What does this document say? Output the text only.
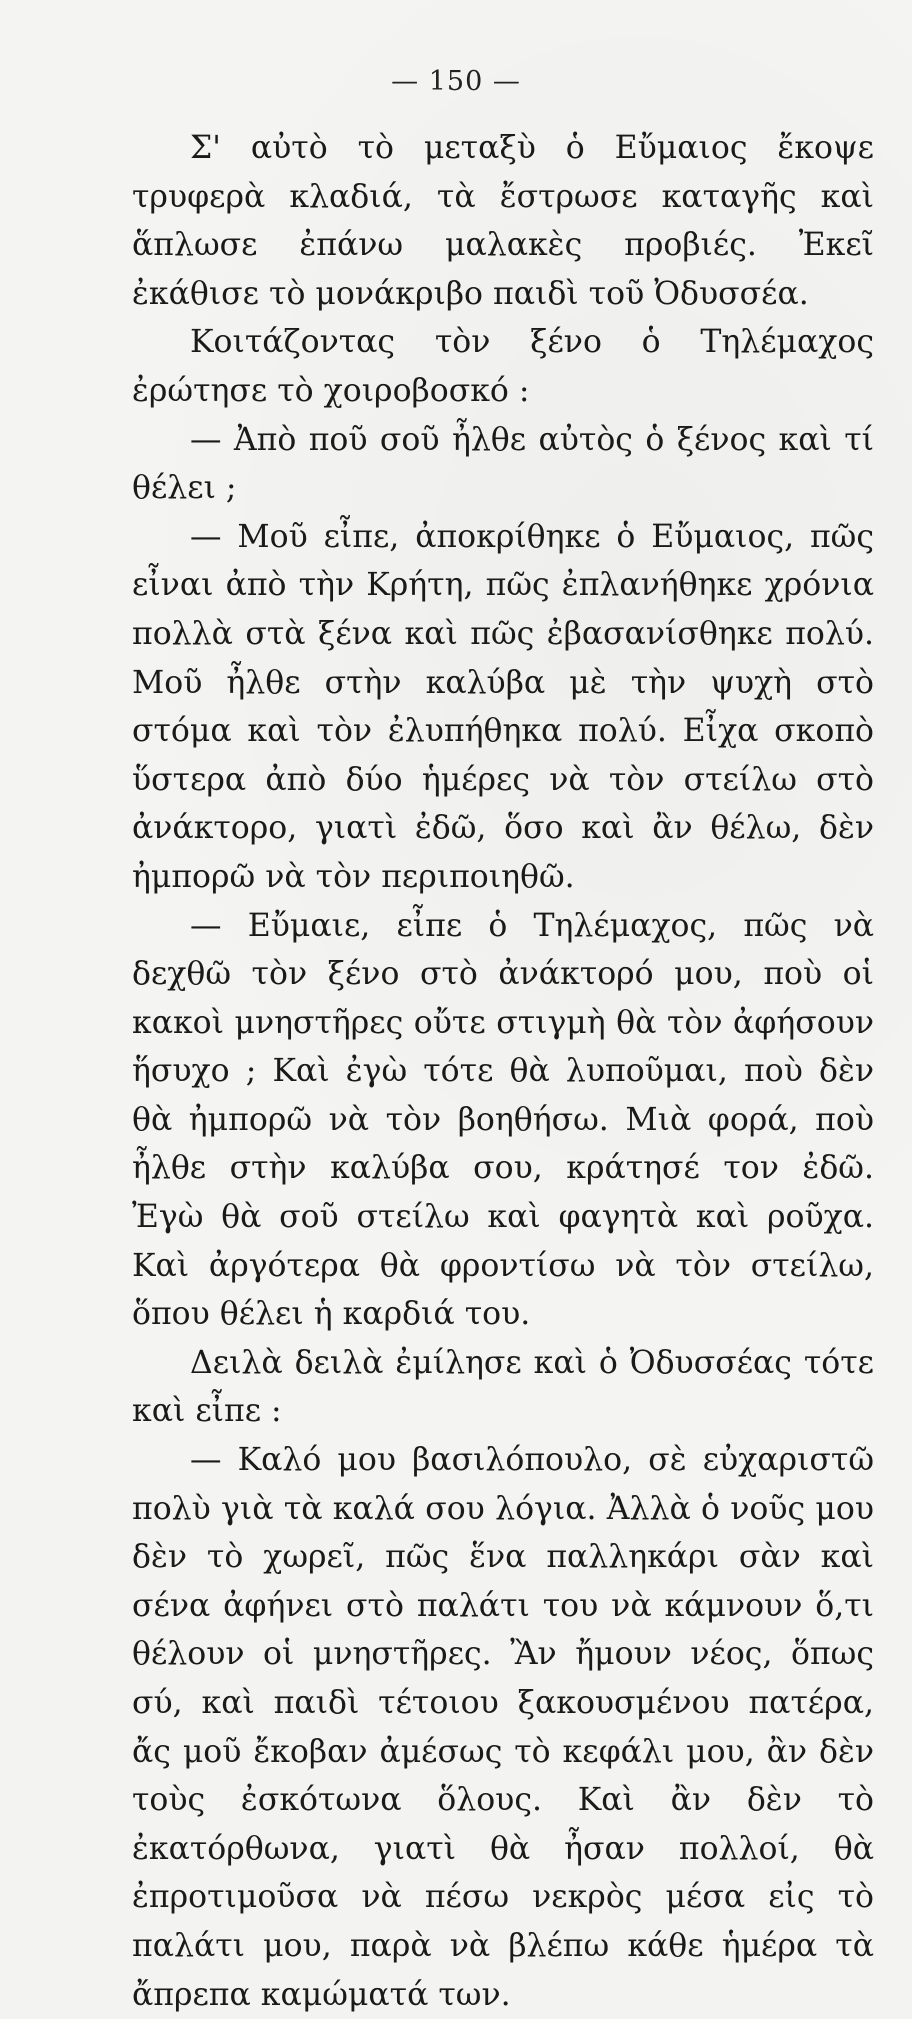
— 150 —

Σ' αὐτὸ τὸ μεταξὺ ὁ Εὔμαιος ἔκοψε τρυφερὰ κλαδιά, τὰ ἔστρωσε καταγῆς καὶ ἅπλωσε ἐπάνω μαλακὲς προβιές. Ἐκεῖ ἐκάθισε τὸ μονάκριβο παιδὶ τοῦ Ὀδυσσέα.

Κοιτάζοντας τὸν ξένο ὁ Τηλέμαχος ἐρώτησε τὸ χοιροβοσκό :

— Ἀπὸ ποῦ σοῦ ἦλθε αὐτὸς ὁ ξένος καὶ τί θέλει ;

— Μοῦ εἶπε, ἀποκρίθηκε ὁ Εὔμαιος, πῶς εἶναι ἀπὸ τὴν Κρήτη, πῶς ἐπλανήθηκε χρόνια πολλὰ στὰ ξένα καὶ πῶς ἐβασανίσθηκε πολύ. Μοῦ ἦλθε στὴν καλύβα μὲ τὴν ψυχὴ στὸ στόμα καὶ τὸν ἐλυπήθηκα πολύ. Εἶχα σκοπὸ ὕστερα ἀπὸ δύο ἡμέρες νὰ τὸν στείλω στὸ ἀνάκτορο, γιατὶ ἐδῶ, ὅσο καὶ ἂν θέλω, δὲν ἠμπορῶ νὰ τὸν περιποιηθῶ.

— Εὔμαιε, εἶπε ὁ Τηλέμαχος, πῶς νὰ δεχθῶ τὸν ξένο στὸ ἀνάκτορό μου, ποὺ οἱ κακοὶ μνηστῆρες οὔτε στιγμὴ θὰ τὸν ἀφήσουν ἥσυχο ; Καὶ ἐγὼ τότε θὰ λυποῦμαι, ποὺ δὲν θὰ ἠμπορῶ νὰ τὸν βοηθήσω. Μιὰ φορά, ποὺ ἦλθε στὴν καλύβα σου, κράτησέ τον ἐδῶ. Ἐγὼ θὰ σοῦ στείλω καὶ φαγητὰ καὶ ροῦχα. Καὶ ἀργότερα θὰ φροντίσω νὰ τὸν στείλω, ὅπου θέλει ἡ καρδιά του.

Δειλὰ δειλὰ ἐμίλησε καὶ ὁ Ὀδυσσέας τότε καὶ εἶπε :

— Καλό μου βασιλόπουλο, σὲ εὐχαριστῶ πολὺ γιὰ τὰ καλά σου λόγια. Ἀλλὰ ὁ νοῦς μου δὲν τὸ χωρεῖ, πῶς ἕνα παλληκάρι σὰν καὶ σένα ἀφήνει στὸ παλάτι του νὰ κάμνουν ὅ,τι θέλουν οἱ μνηστῆρες. Ἂν ἤμουν νέος, ὅπως σύ, καὶ παιδὶ τέτοιου ξακουσμένου πατέρα, ἄς μοῦ ἔκοβαν ἀμέσως τὸ κεφάλι μου, ἂν δὲν τοὺς ἐσκότωνα ὅλους. Καὶ ἂν δὲν τὸ ἐκατόρθωνα, γιατὶ θὰ ἦσαν πολλοί, θὰ ἐπροτιμοῦσα νὰ πέσω νεκρὸς μέσα εἰς τὸ παλάτι μου, παρὰ νὰ βλέπω κάθε ἡμέρα τὰ ἄπρεπα καμώματά των.
